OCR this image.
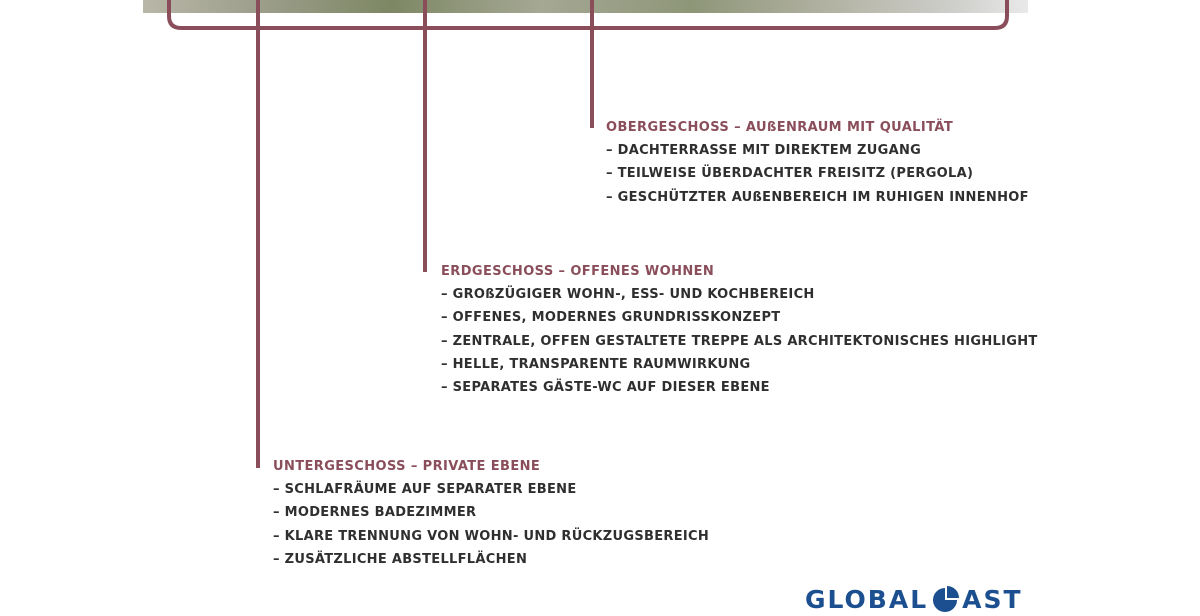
OBERGESCHOSS – AUßENRAUM MIT QUALITÄT
– DACHTERRASSE MIT DIREKTEM ZUGANG
– TEILWEISE ÜBERDACHTER FREISITZ (PERGOLA)
– GESCHÜTZTER AUßENBEREICH IM RUHIGEN INNENHOF
ERDGESCHOSS – OFFENES WOHNEN
– GROßZÜGIGER WOHN-, ESS- UND KOCHBEREICH
– OFFENES, MODERNES GRUNDRISSKONZEPT
– ZENTRALE, OFFEN GESTALTETE TREPPE ALS ARCHITEKTONISCHES HIGHLIGHT
– HELLE, TRANSPARENTE RAUMWIRKUNG
– SEPARATES GÄSTE-WC AUF DIESER EBENE
UNTERGESCHOSS – PRIVATE EBENE
– SCHLAFRÄUME AUF SEPARATER EBENE
– MODERNES BADEZIMMER
– KLARE TRENNUNG VON WOHN- UND RÜCKZUGSBEREICH
– ZUSÄTZLICHE ABSTELLFLÄCHEN
GLOBAL AST
